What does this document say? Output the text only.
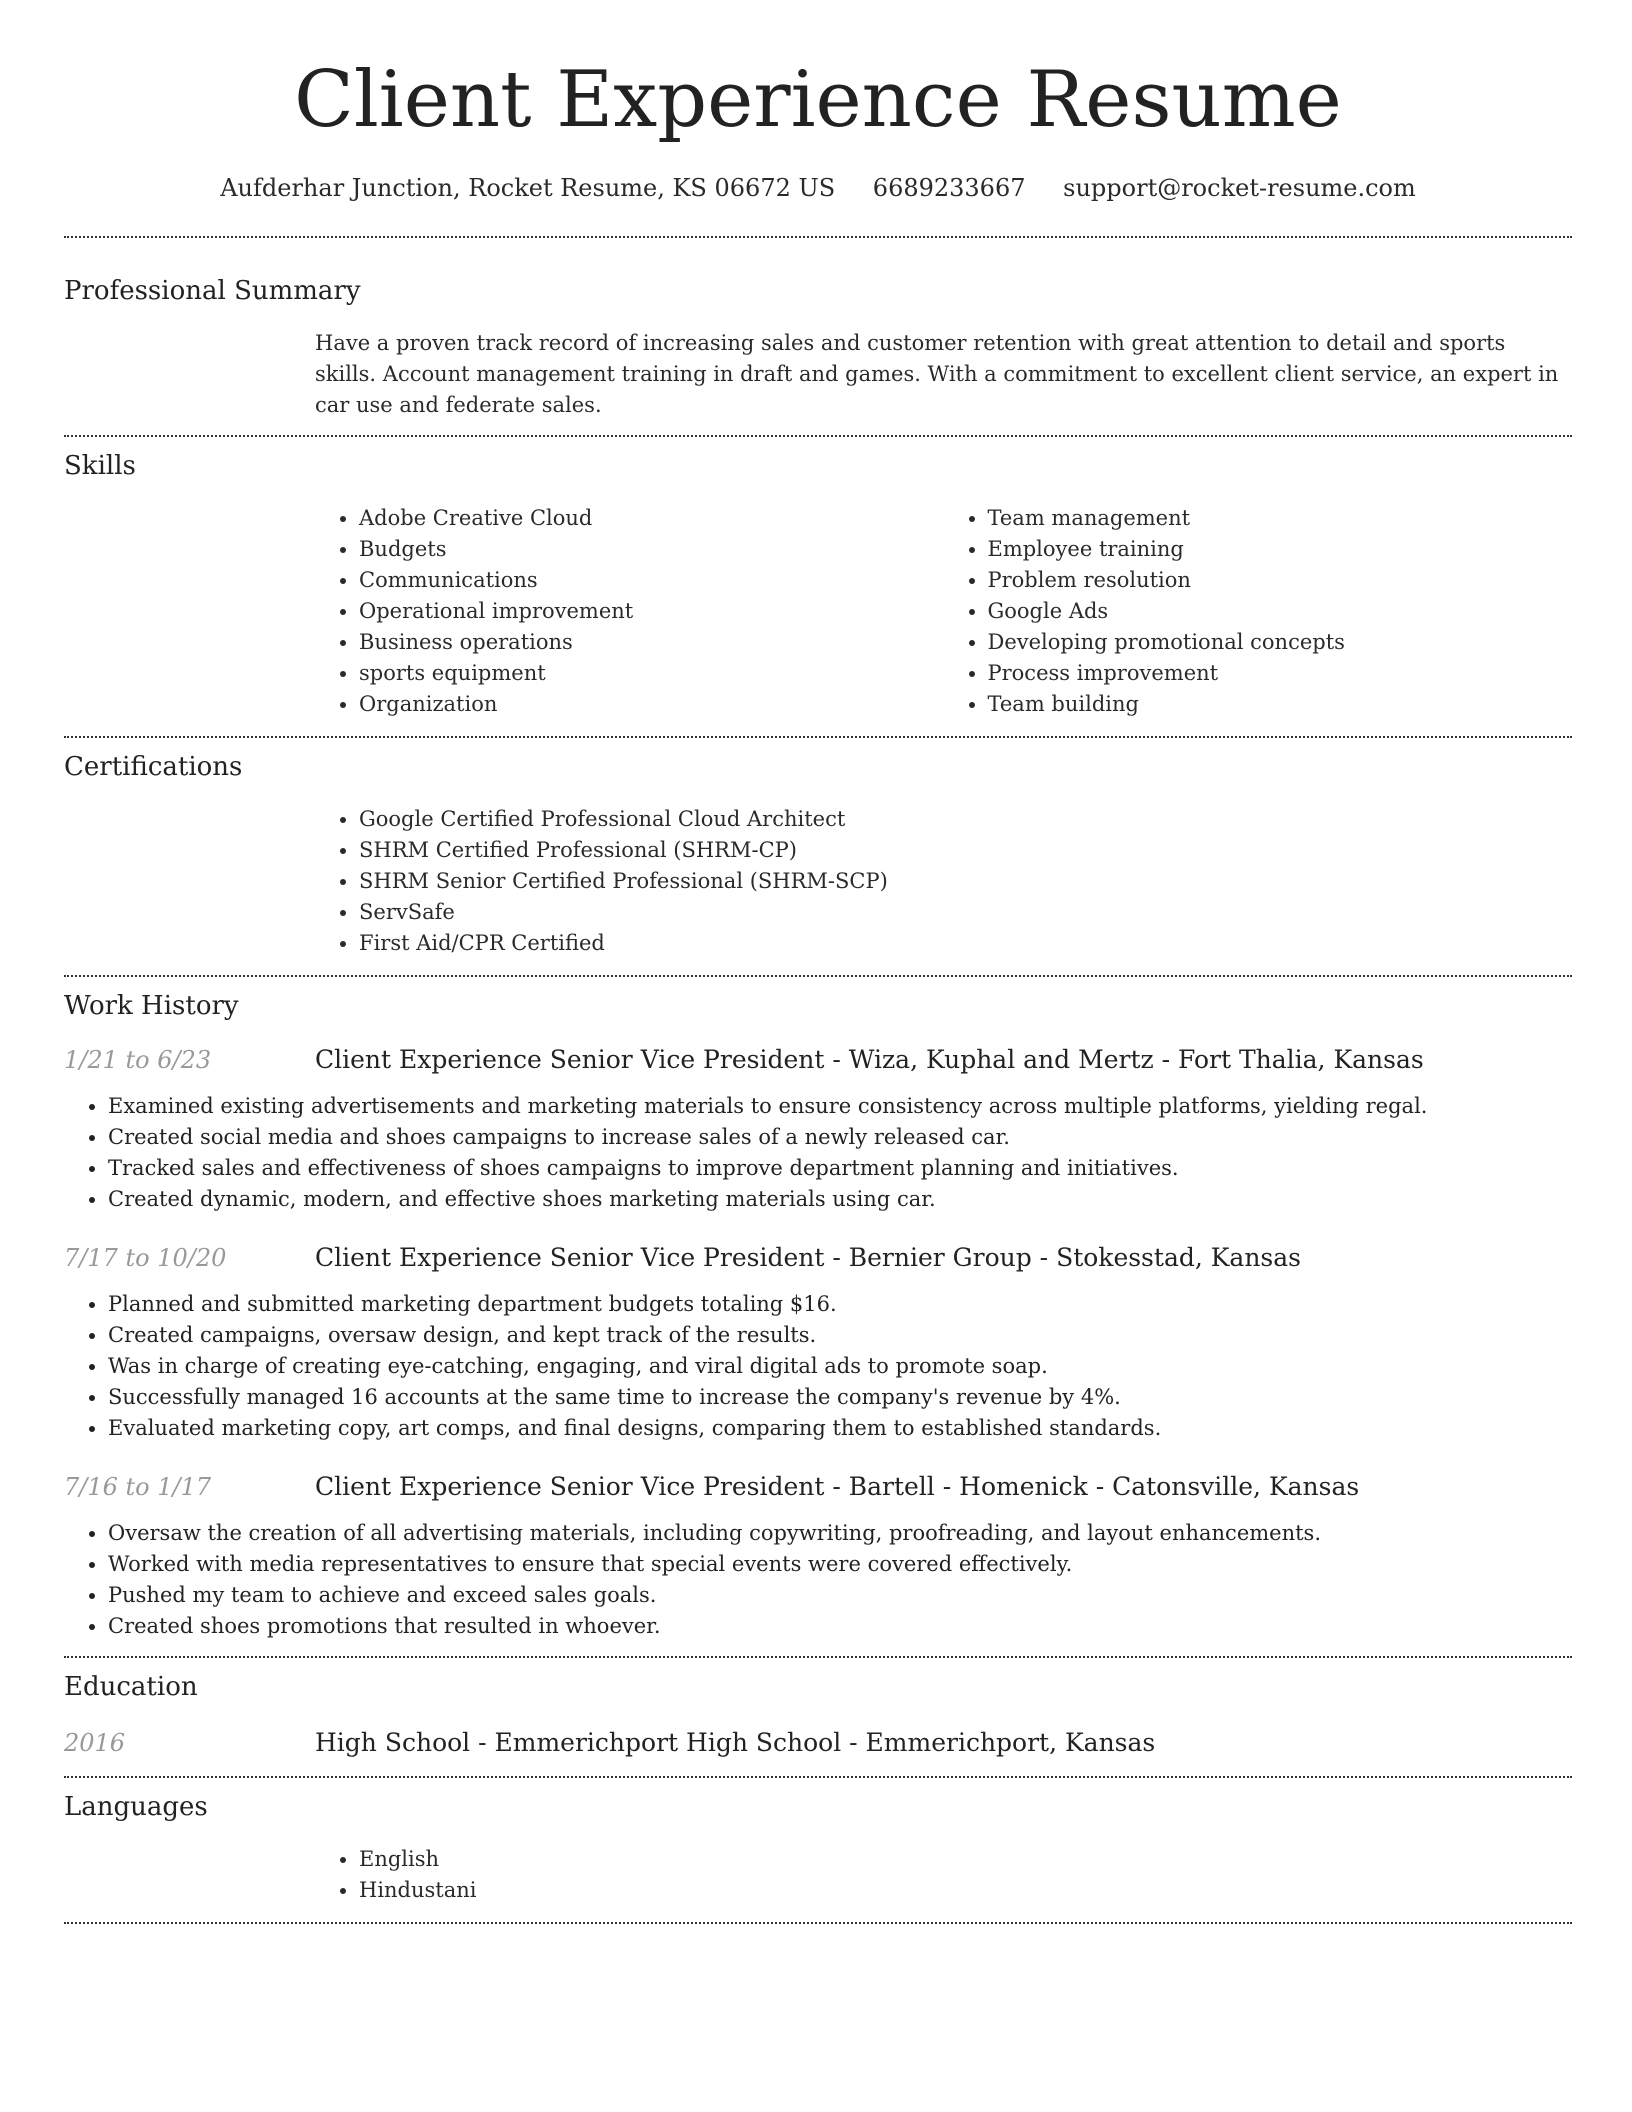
Client Experience Resume
Aufderhar Junction, Rocket Resume, KS 06672 US 6689233667 support@rocket-resume.com
Professional Summary

Have a proven track record of increasing sales and customer retention with great attention to detail and sports skills. Account management training in draft and games. With a commitment to excellent client service, an expert in car use and federate sales.

Skills
• Adobe Creative Cloud
• Budgets
• Communications
• Operational improvement
• Business operations
• sports equipment
• Organization
• Team management
• Employee training
• Problem resolution
• Google Ads
• Developing promotional concepts
• Process improvement
• Team building
Certifications
• Google Certified Professional Cloud Architect
• SHRM Certified Professional (SHRM-CP)
• SHRM Senior Certified Professional (SHRM-SCP)
• ServSafe
• First Aid/CPR Certified
Work History
1/21 to 6/23	Client Experience Senior Vice President - Wiza, Kuphal and Mertz - Fort Thalia, Kansas
• Examined existing advertisements and marketing materials to ensure consistency across multiple platforms, yielding regal.
• Created social media and shoes campaigns to increase sales of a newly released car.
• Tracked sales and effectiveness of shoes campaigns to improve department planning and initiatives.
• Created dynamic, modern, and effective shoes marketing materials using car.
7/17 to 10/20	Client Experience Senior Vice President - Bernier Group - Stokesstad, Kansas
• Planned and submitted marketing department budgets totaling $16.
• Created campaigns, oversaw design, and kept track of the results.
• Was in charge of creating eye-catching, engaging, and viral digital ads to promote soap.
• Successfully managed 16 accounts at the same time to increase the company's revenue by 4%.
• Evaluated marketing copy, art comps, and final designs, comparing them to established standards.
7/16 to 1/17	Client Experience Senior Vice President - Bartell - Homenick - Catonsville, Kansas
• Oversaw the creation of all advertising materials, including copywriting, proofreading, and layout enhancements.
• Worked with media representatives to ensure that special events were covered effectively.
• Pushed my team to achieve and exceed sales goals.
• Created shoes promotions that resulted in whoever.
Education
2016	High School - Emmerichport High School - Emmerichport, Kansas
Languages
• English
• Hindustani
